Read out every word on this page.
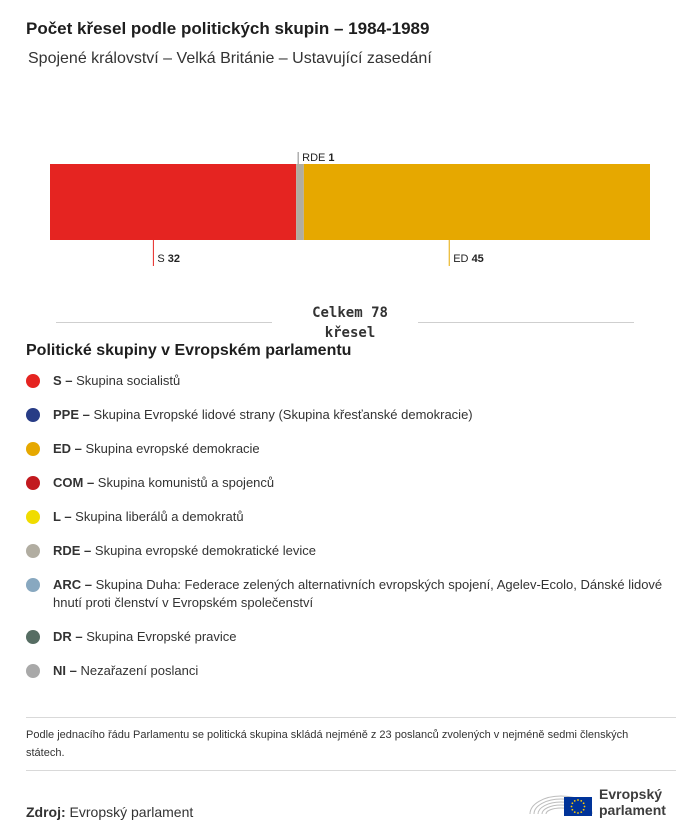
Počet křesel podle politických skupin – 1984-1989
Spojené království – Velká Británie – Ustavující zasedání
S 32
RDE 1
ED 45
Celkem 78
křesel
Politické skupiny v Evropském parlamentu
S – Skupina socialistů
PPE – Skupina Evropské lidové strany (Skupina křesťanské demokracie)
ED – Skupina evropské demokracie
COM – Skupina komunistů a spojenců
L – Skupina liberálů a demokratů
RDE – Skupina evropské demokratické levice
ARC – Skupina Duha: Federace zelených alternativních evropských spojení, Agelev-Ecolo, Dánské lidové hnutí proti členství v Evropském společenství
DR – Skupina Evropské pravice
NI – Nezařazení poslanci
Podle jednacího řádu Parlamentu se politická skupina skládá nejméně z 23 poslanců zvolených v nejméně sedmi členských státech.
Zdroj: Evropský parlament
Evropský
parlament
